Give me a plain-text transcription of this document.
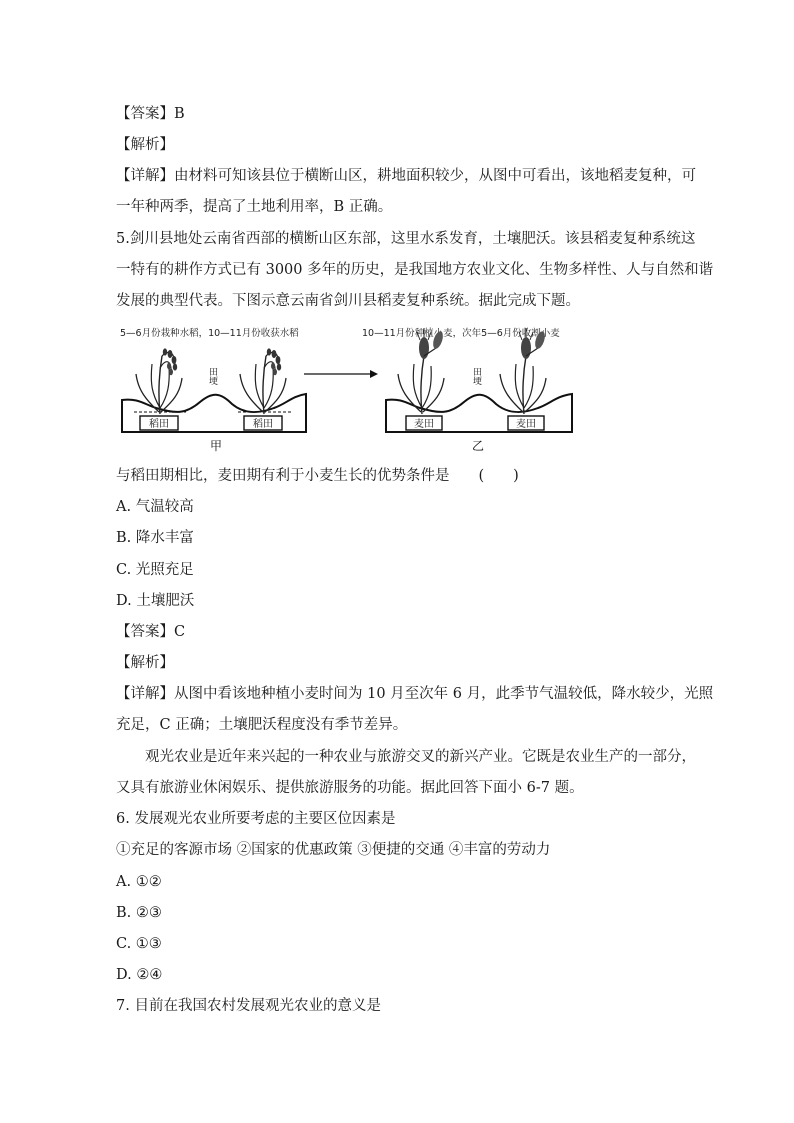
【答案】B
【解析】
【详解】由材料可知该县位于横断山区，耕地面积较少，从图中可看出，该地稻麦复种，可
一年种两季，提高了土地利用率，B 正确。
5.剑川县地处云南省西部的横断山区东部，这里水系发育，土壤肥沃。该县稻麦复种系统这
一特有的耕作方式已有 3000 多年的历史，是我国地方农业文化、生物多样性、人与自然和谐
发展的典型代表。下图示意云南省剑川县稻麦复种系统。据此完成下题。
5—6月份栽种水稻，10—11月份收获水稻	10—11月份种植小麦，次年5—6月份收割小麦
稻田	稻田
田埂
甲
麦田	麦田
田埂
乙
与稻田期相比，麦田期有利于小麦生长的优势条件是　　(　　)
A. 气温较高
B. 降水丰富
C. 光照充足
D. 土壤肥沃
【答案】C
【解析】
【详解】从图中看该地种植小麦时间为 10 月至次年 6 月，此季节气温较低，降水较少，光照
充足，C 正确；土壤肥沃程度没有季节差异。
　　观光农业是近年来兴起的一种农业与旅游交叉的新兴产业。它既是农业生产的一部分，
又具有旅游业休闲娱乐、提供旅游服务的功能。据此回答下面小 6-7 题。
6. 发展观光农业所要考虑的主要区位因素是
①充足的客源市场 ②国家的优惠政策 ③便捷的交通 ④丰富的劳动力
A. ①②
B. ②③
C. ①③
D. ②④
7. 目前在我国农村发展观光农业的意义是
